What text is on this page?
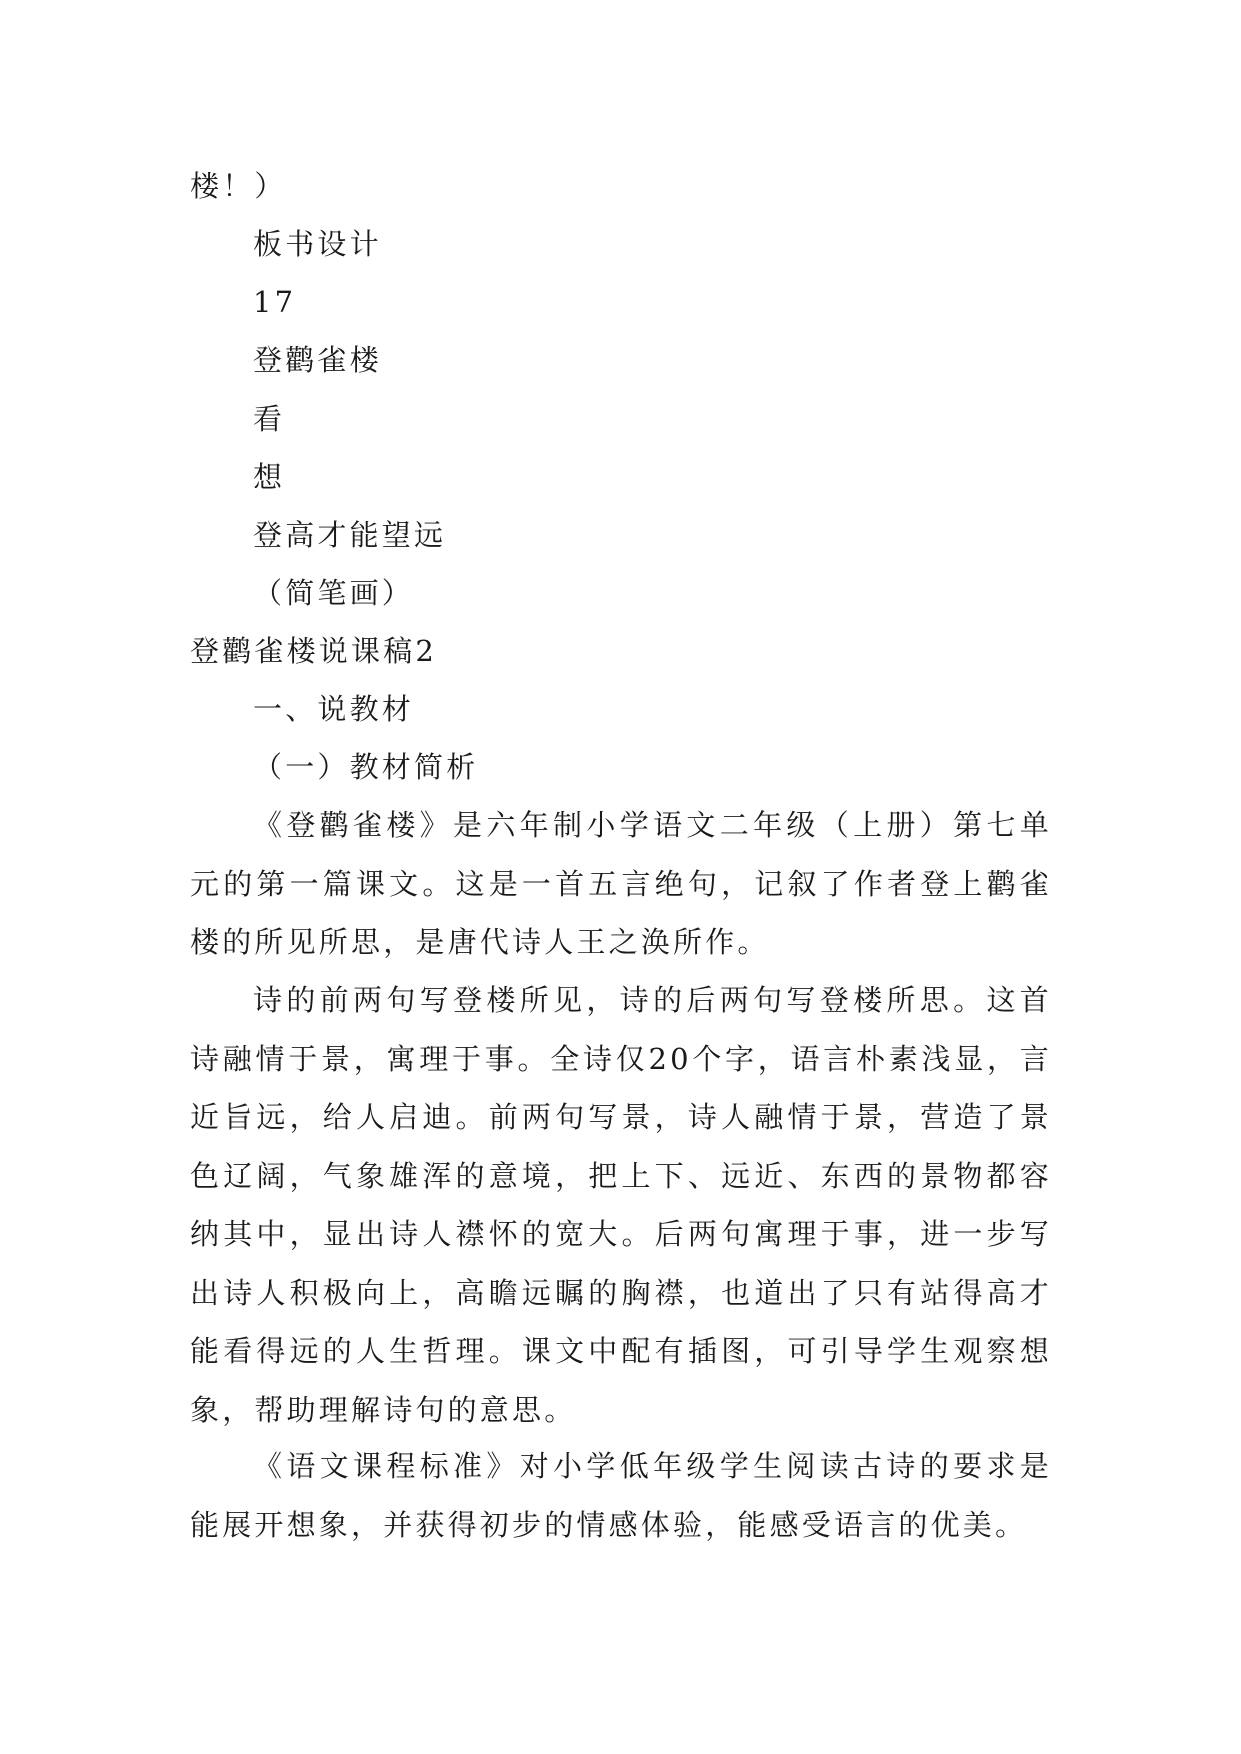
楼！）
板书设计
17
登鹳雀楼
看
想
登高才能望远
（简笔画）
登鹳雀楼说课稿2
一、说教材
（一）教材简析

《登鹳雀楼》是六年制小学语文二年级（上册）第七单元的第一篇课文。这是一首五言绝句，记叙了作者登上鹳雀楼的所见所思，是唐代诗人王之涣所作。

诗的前两句写登楼所见，诗的后两句写登楼所思。这首诗融情于景，寓理于事。全诗仅20个字，语言朴素浅显，言近旨远，给人启迪。前两句写景，诗人融情于景，营造了景色辽阔，气象雄浑的意境，把上下、远近、东西的景物都容纳其中，显出诗人襟怀的宽大。后两句寓理于事，进一步写出诗人积极向上，高瞻远瞩的胸襟，也道出了只有站得高才能看得远的人生哲理。课文中配有插图，可引导学生观察想象，帮助理解诗句的意思。

《语文课程标准》对小学低年级学生阅读古诗的要求是能展开想象，并获得初步的情感体验，能感受语言的优美。
